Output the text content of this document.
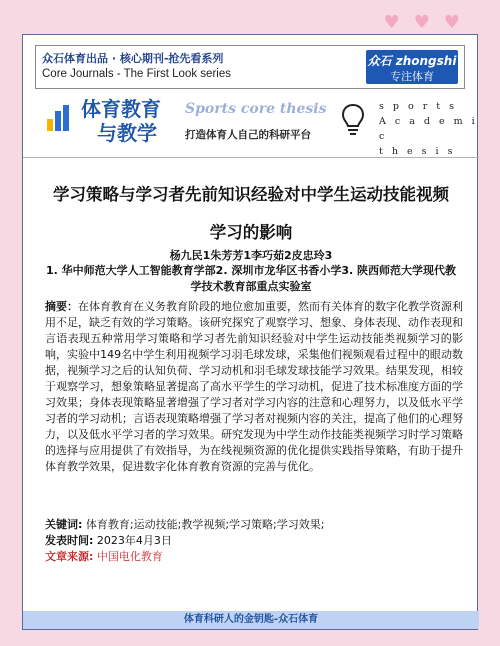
♥ ♥ ♥
众石体育出品 · 核心期刊-抢先看系列
Core Journals - The First Look series
众石 zhongshi
专注体育
体育教育
与教学
Sports core thesis
打造体育人自己的科研平台
s p o r t s
A c a d e m i c
t h e s i s
学习策略与学习者先前知识经验对中学生运动技能视频
学习的影响
杨九民1朱芳芳1李巧茹2皮忠玲3
1. 华中师范大学人工智能教育学部2. 深圳市龙华区书香小学3. 陕西师范大学现代教学技术教育部重点实验室

摘要：在体育教育在义务教育阶段的地位愈加重要，然而有关体育的数字化教学资源利用不足，缺乏有效的学习策略。该研究探究了观察学习、想象、身体表现、动作表现和言语表现五种常用学习策略和学习者先前知识经验对中学生运动技能类视频学习的影响，实验中149名中学生利用视频学习羽毛球发球，采集他们视频观看过程中的眼动数据，视频学习之后的认知负荷、学习动机和羽毛球发球技能学习效果。结果发现，相较于观察学习，想象策略显著提高了高水平学生的学习动机，促进了技术标准度方面的学习效果；身体表现策略显著增强了学习者对学习内容的注意和心理努力，以及低水平学习者的学习动机；言语表现策略增强了学习者对视频内容的关注，提高了他们的心理努力，以及低水平学习者的学习效果。研究发现为中学生动作技能类视频学习时学习策略的选择与应用提供了有效指导，为在线视频资源的优化提供实践指导策略，有助于提升体育教学效果，促进数字化体育教育资源的完善与优化。

关键词: 体育教育;运动技能;教学视频;学习策略;学习效果;
发表时间: 2023年4月3日
文章来源: 中国电化教育
体育科研人的金钥匙-众石体育
